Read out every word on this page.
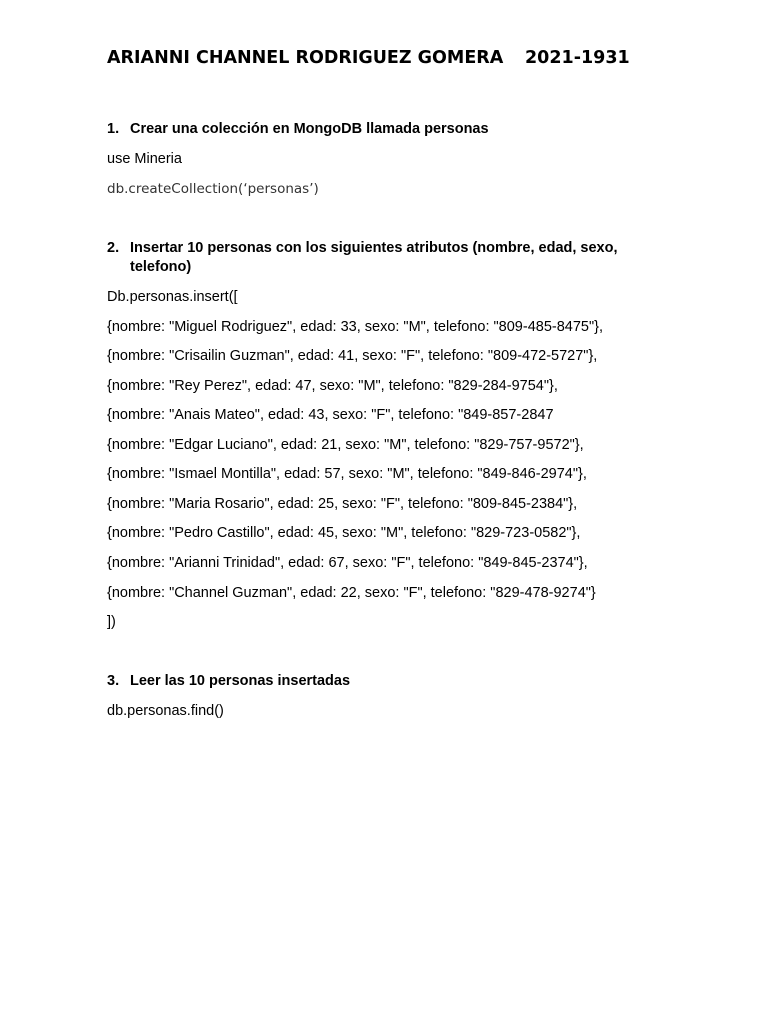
ARIANNI CHANNEL RODRIGUEZ GOMERA 2021-1931
1. Crear una colección en MongoDB llamada personas
use Mineria
db.createCollection(‘personas’)
2. Insertar 10 personas con los siguientes atributos (nombre, edad, sexo,
telefono)
Db.personas.insert([
{nombre: "Miguel Rodriguez", edad: 33, sexo: "M", telefono: "809-485-8475"},
{nombre: "Crisailin Guzman", edad: 41, sexo: "F", telefono: "809-472-5727"},
{nombre: "Rey Perez", edad: 47, sexo: "M", telefono: "829-284-9754"},
{nombre: "Anais Mateo", edad: 43, sexo: "F", telefono: "849-857-2847
{nombre: "Edgar Luciano", edad: 21, sexo: "M", telefono: "829-757-9572"},
{nombre: "Ismael Montilla", edad: 57, sexo: "M", telefono: "849-846-2974"},
{nombre: "Maria Rosario", edad: 25, sexo: "F", telefono: "809-845-2384"},
{nombre: "Pedro Castillo", edad: 45, sexo: "M", telefono: "829-723-0582"},
{nombre: "Arianni Trinidad", edad: 67, sexo: "F", telefono: "849-845-2374"},
{nombre: "Channel Guzman", edad: 22, sexo: "F", telefono: "829-478-9274"}
])
3. Leer las 10 personas insertadas
db.personas.find()
